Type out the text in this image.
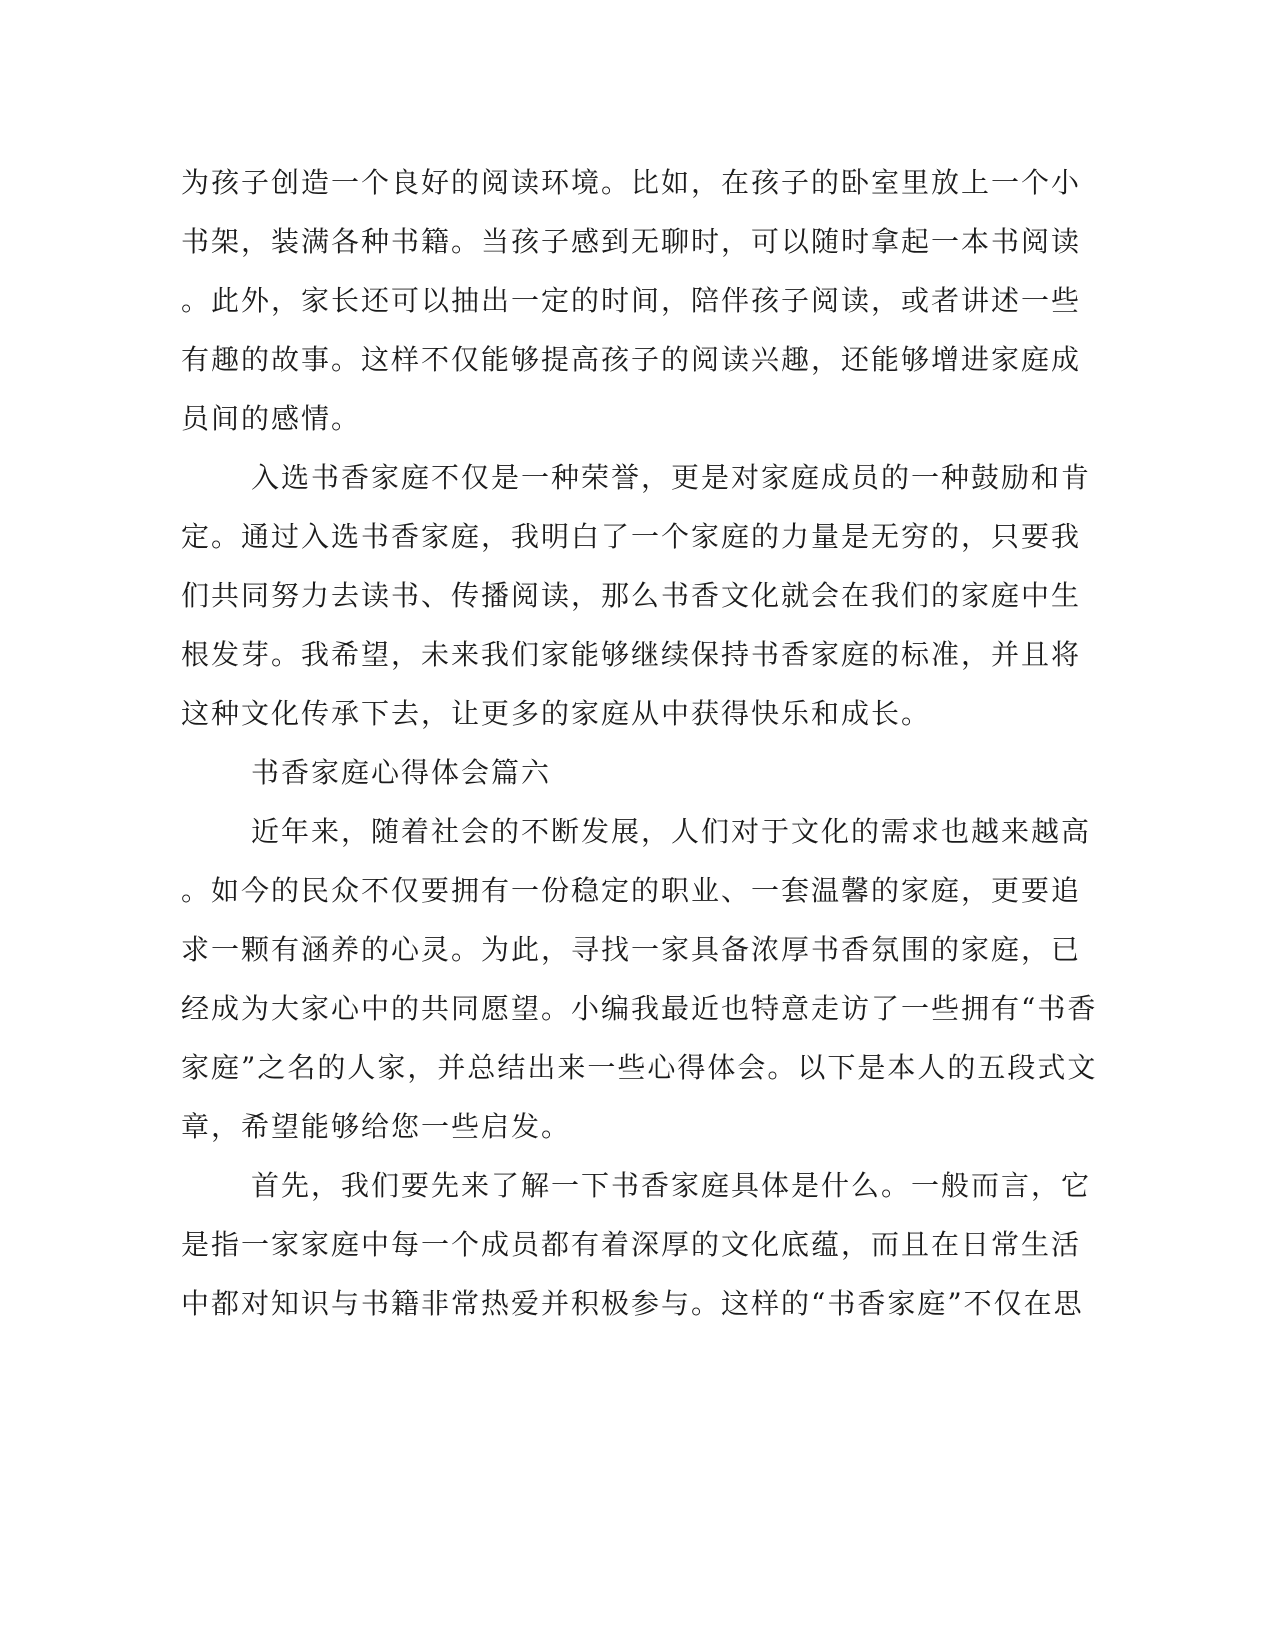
为孩子创造一个良好的阅读环境。比如，在孩子的卧室里放上一个小
书架，装满各种书籍。当孩子感到无聊时，可以随时拿起一本书阅读
。此外，家长还可以抽出一定的时间，陪伴孩子阅读，或者讲述一些
有趣的故事。这样不仅能够提高孩子的阅读兴趣，还能够增进家庭成
员间的感情。
入选书香家庭不仅是一种荣誉，更是对家庭成员的一种鼓励和肯
定。通过入选书香家庭，我明白了一个家庭的力量是无穷的，只要我
们共同努力去读书、传播阅读，那么书香文化就会在我们的家庭中生
根发芽。我希望，未来我们家能够继续保持书香家庭的标准，并且将
这种文化传承下去，让更多的家庭从中获得快乐和成长。
书香家庭心得体会篇六
近年来，随着社会的不断发展，人们对于文化的需求也越来越高
。如今的民众不仅要拥有一份稳定的职业、一套温馨的家庭，更要追
求一颗有涵养的心灵。为此，寻找一家具备浓厚书香氛围的家庭，已
经成为大家心中的共同愿望。小编我最近也特意走访了一些拥有“书香
家庭”之名的人家，并总结出来一些心得体会。以下是本人的五段式文
章，希望能够给您一些启发。
首先，我们要先来了解一下书香家庭具体是什么。一般而言，它
是指一家家庭中每一个成员都有着深厚的文化底蕴，而且在日常生活
中都对知识与书籍非常热爱并积极参与。这样的“书香家庭”不仅在思
